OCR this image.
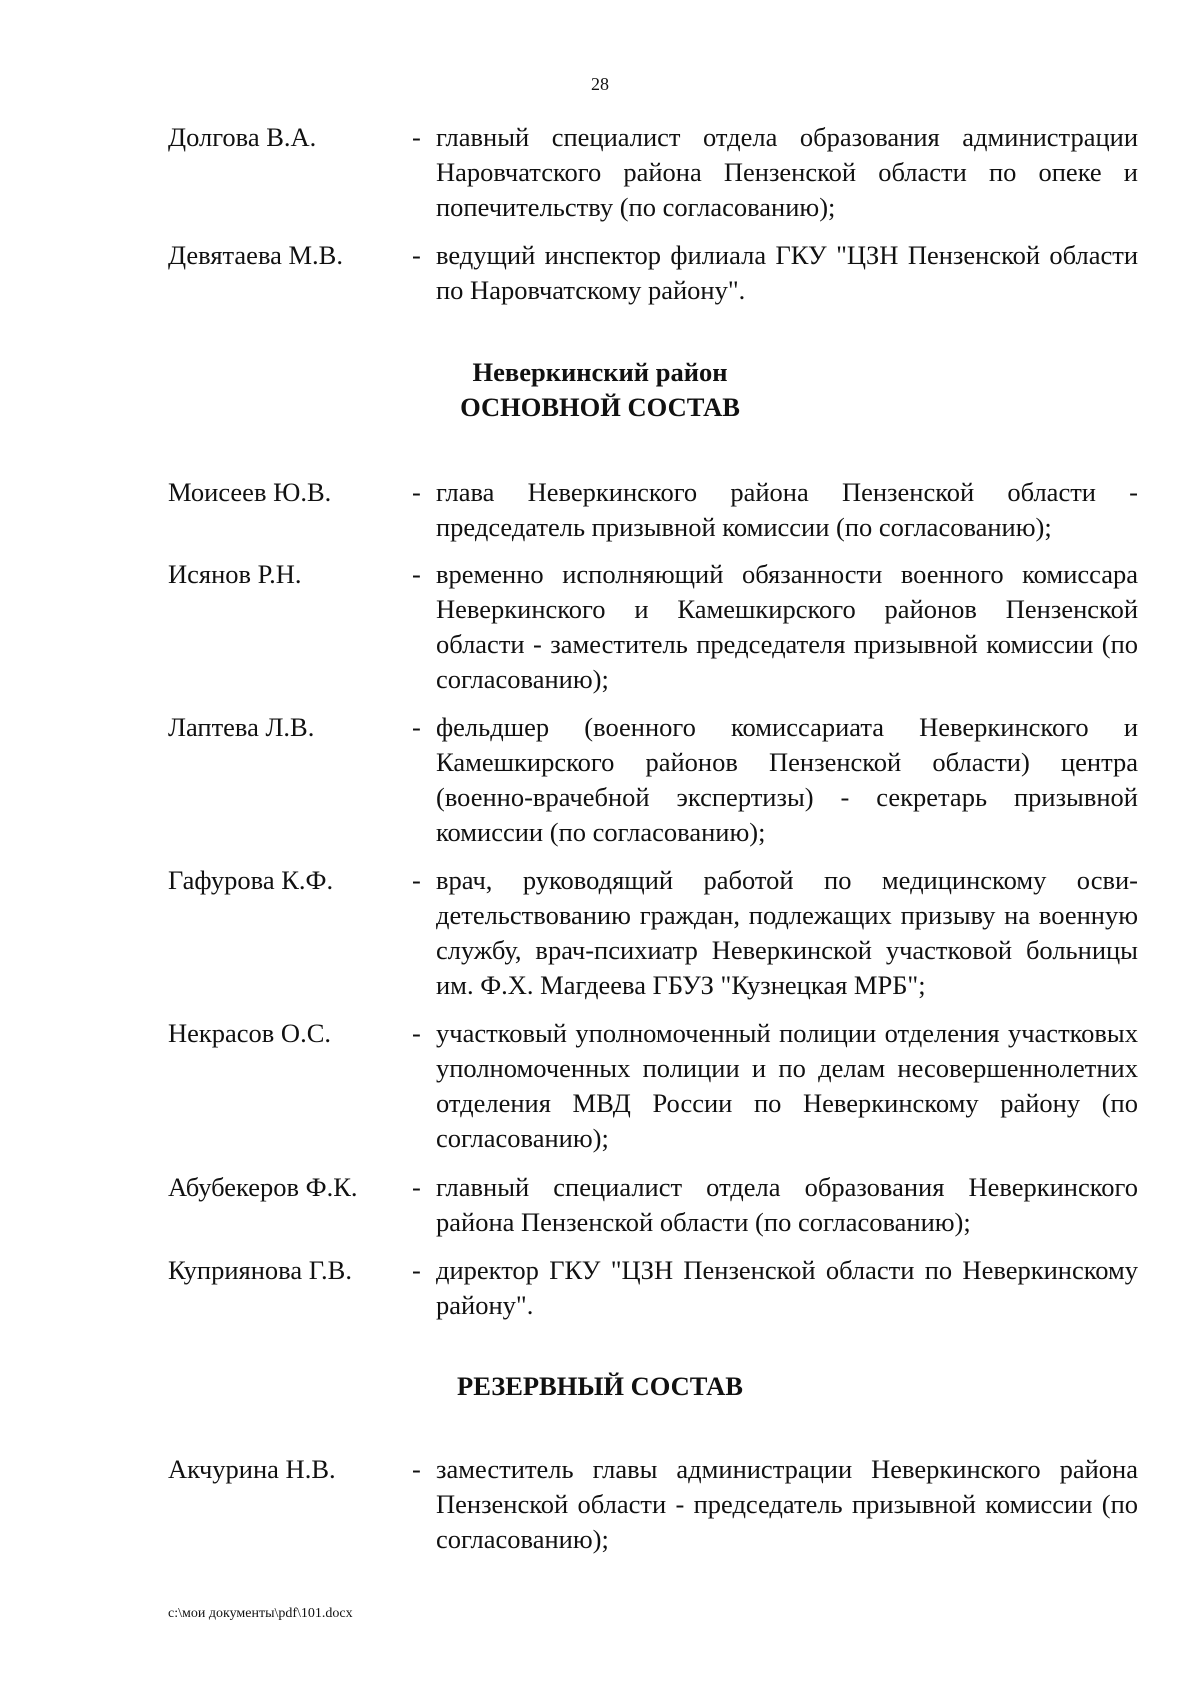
28
Долгова В.А.	- главный специалист отдела образования администрации Наровчатского района Пензенской области по опеке и попечительству (по согласованию);
Девятаева М.В.	- ведущий инспектор филиала ГКУ "ЦЗН Пензенской области по Наровчатскому району".
Неверкинский район
ОСНОВНОЙ СОСТАВ
Моисеев Ю.В.	- глава Неверкинского района Пензенской области - председатель призывной комиссии (по согласованию);
Исянов Р.Н.	- временно исполняющий обязанности военного комиссара Неверкинского и Камешкирского районов Пензенской области - заместитель председателя призывной комиссии (по согласованию);
Лаптева Л.В.	- фельдшер (военного комиссариата Неверкинского и Камешкирского районов Пензенской области) центра (военно-врачебной экспертизы) - секретарь призывной комиссии (по согласованию);
Гафурова К.Ф.	- врач, руководящий работой по медицинскому освидетельствованию граждан, подлежащих призыву на военную службу, врач-психиатр Неверкинской участковой больницы им. Ф.Х. Магдеева ГБУЗ "Кузнецкая МРБ";
Некрасов О.С.	- участковый уполномоченный полиции отделения участковых уполномоченных полиции и по делам несовершеннолетних отделения МВД России по Неверкинскому району (по согласованию);
Абубекеров Ф.К. - главный специалист отдела образования Неверкинского района Пензенской области (по согласованию);
Куприянова Г.В. - директор ГКУ "ЦЗН Пензенской области по Неверкинскому району".
РЕЗЕРВНЫЙ СОСТАВ
Акчурина Н.В.	- заместитель главы администрации Неверкинского района Пензенской области - председатель призывной комиссии (по согласованию);
c:\мои документы\pdf\101.docx
